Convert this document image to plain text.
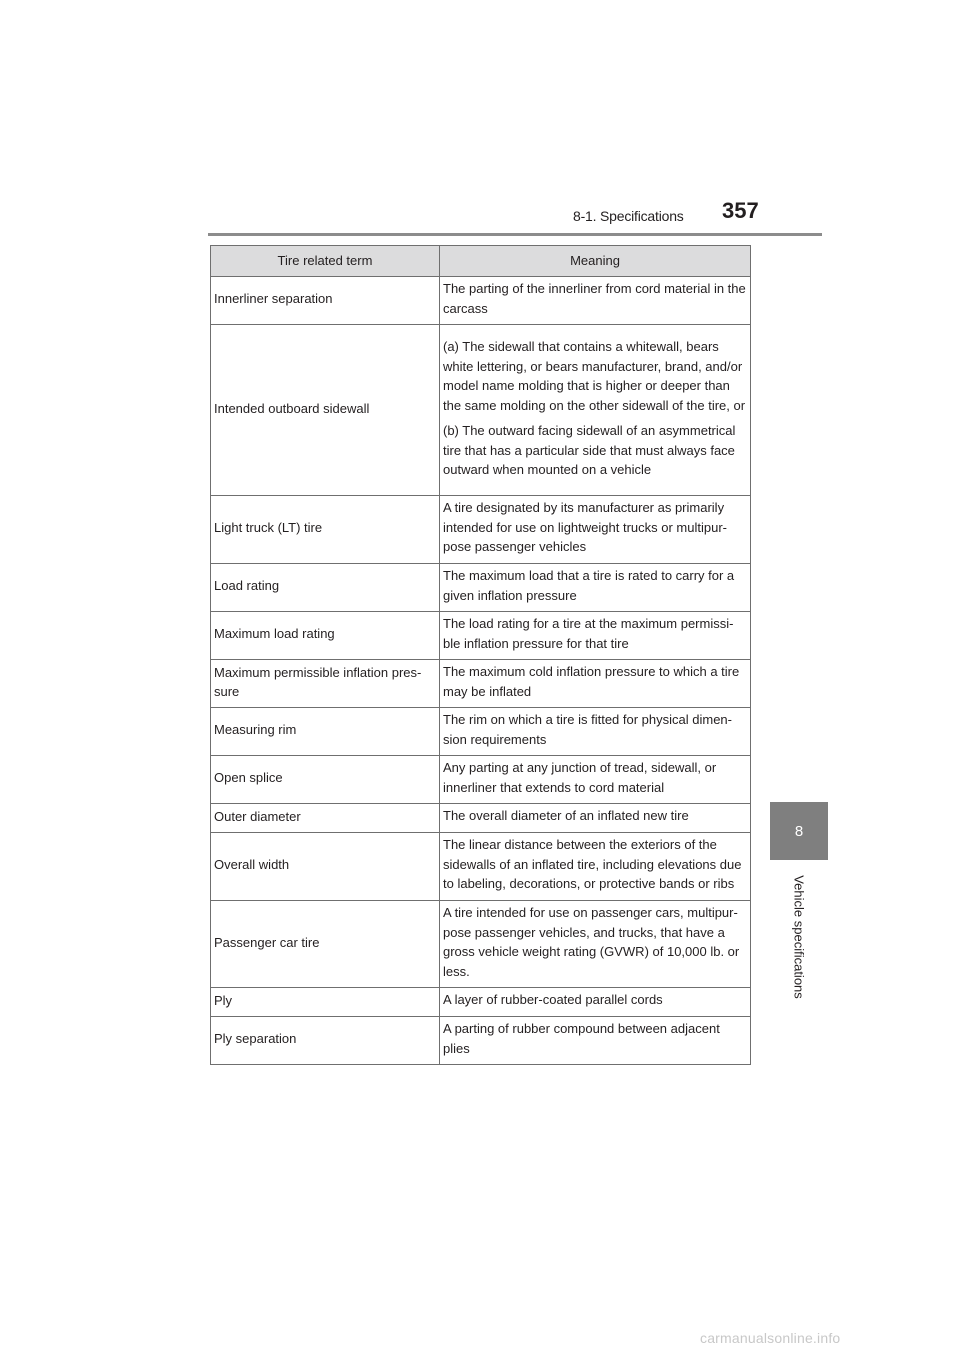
8-1. Specifications 357
8
Vehicle specifications
Tire related term	Meaning
Innerliner separation	The parting of the innerliner from cord material in the carcass

Intended outboard sidewall	(a) The sidewall that contains a whitewall, bears white lettering, or bears manufacturer, brand, and/or model name molding that is higher or deeper than the same molding on the other sidewall of the tire, or
(b) The outward facing sidewall of an asymmetrical tire that has a particular side that must always face outward when mounted on a vehicle

Light truck (LT) tire	A tire designated by its manufacturer as primarily intended for use on lightweight trucks or multipur-pose passenger vehicles

Load rating	The maximum load that a tire is rated to carry for a given inflation pressure

Maximum load rating	The load rating for a tire at the maximum permissi-ble inflation pressure for that tire

Maximum permissible inflation pres-sure	The maximum cold inflation pressure to which a tire may be inflated

Measuring rim	The rim on which a tire is fitted for physical dimen-sion requirements

Open splice	Any parting at any junction of tread, sidewall, or innerliner that extends to cord material

Outer diameter	The overall diameter of an inflated new tire

Overall width	The linear distance between the exteriors of the sidewalls of an inflated tire, including elevations due to labeling, decorations, or protective bands or ribs

Passenger car tire	A tire intended for use on passenger cars, multipur-pose passenger vehicles, and trucks, that have a gross vehicle weight rating (GVWR) of 10,000 lb. or less.

Ply	A layer of rubber-coated parallel cords

Ply separation	A parting of rubber compound between adjacent plies
carmanualsonline.info
